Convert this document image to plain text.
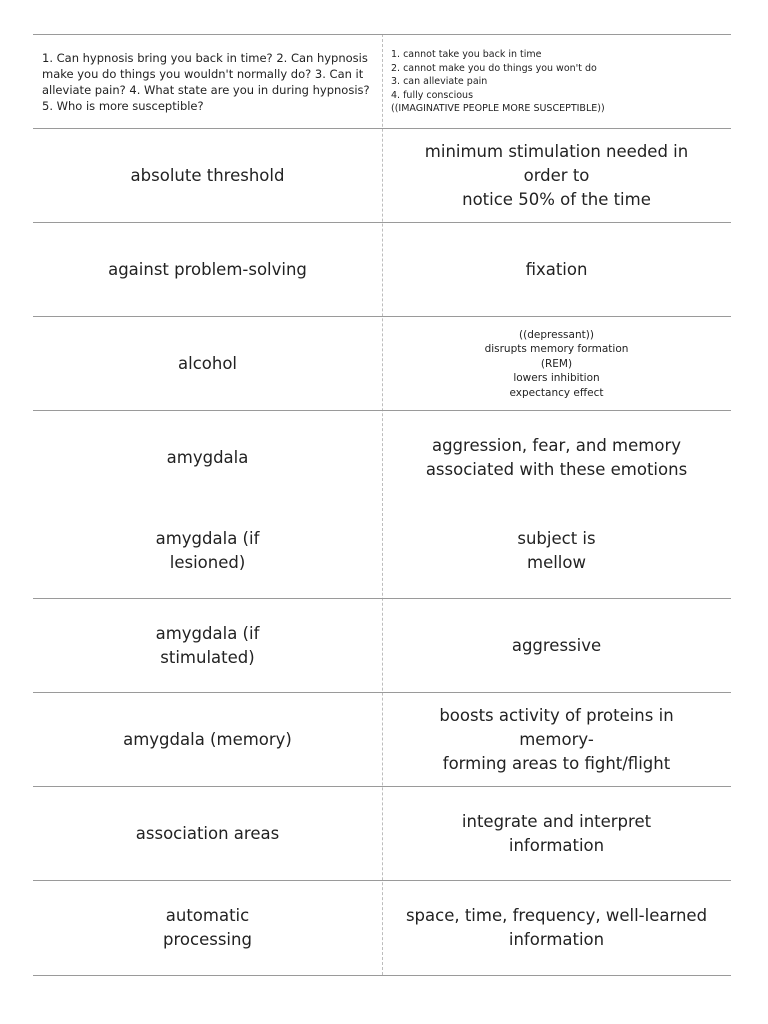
1. Can hypnosis bring you back in time? 2. Can hypnosis make you do things you wouldn't normally do? 3. Can it alleviate pain? 4. What state are you in during hypnosis? 5. Who is more susceptible?
1. cannot take you back in time
2. cannot make you do things you won't do
3. can alleviate pain
4. fully conscious
((IMAGINATIVE PEOPLE MORE SUSCEPTIBLE))
absolute threshold
minimum stimulation needed in order to
notice 50% of the time
against problem-solving	fixation
alcohol
((depressant))
disrupts memory formation
(REM)
lowers inhibition
expectancy effect
amygdala
aggression, fear, and memory
associated with these emotions
amygdala (if
lesioned)
subject is
mellow
amygdala (if
stimulated)
aggressive
amygdala (memory)
boosts activity of proteins in memory-
forming areas to fight/flight
association areas
integrate and interpret
information
automatic
processing
space, time, frequency, well-learned
information
